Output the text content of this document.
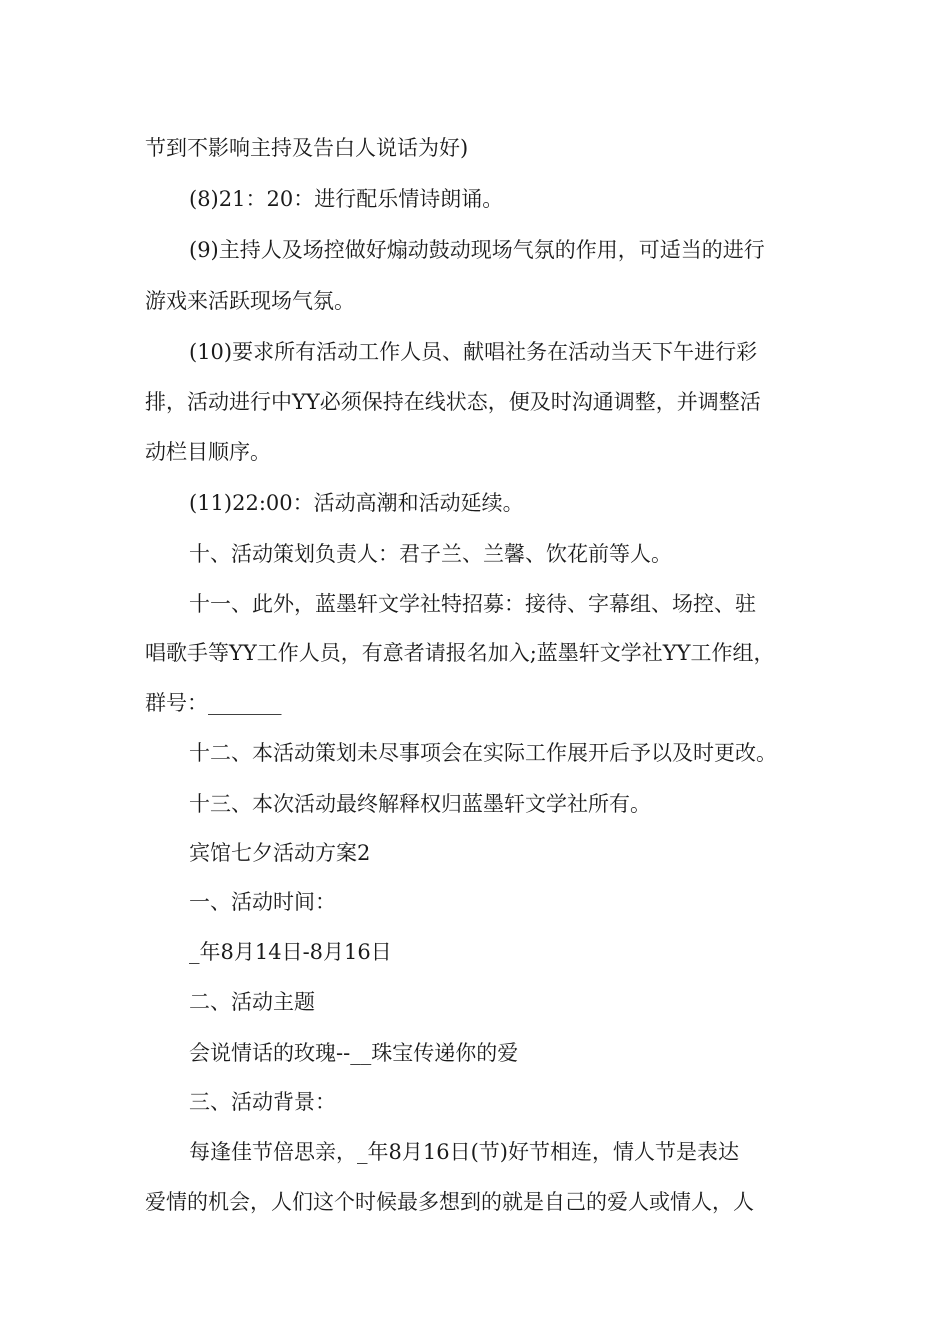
节到不影响主持及告白人说话为好)
(8)21：20：进行配乐情诗朗诵。
(9)主持人及场控做好煽动鼓动现场气氛的作用，可适当的进行
游戏来活跃现场气氛。
(10)要求所有活动工作人员、献唱社务在活动当天下午进行彩
排，活动进行中YY必须保持在线状态，便及时沟通调整，并调整活
动栏目顺序。
(11)22:00：活动高潮和活动延续。
十、活动策划负责人：君子兰、兰馨、饮花前等人。
十一、此外，蓝墨轩文学社特招募：接待、字幕组、场控、驻
唱歌手等YY工作人员，有意者请报名加入;蓝墨轩文学社YY工作组，
群号：_______
十二、本活动策划未尽事项会在实际工作展开后予以及时更改。
十三、本次活动最终解释权归蓝墨轩文学社所有。
宾馆七夕活动方案2
一、活动时间：
_年8月14日-8月16日
二、活动主题
会说情话的玫瑰--__珠宝传递你的爱
三、活动背景：
每逢佳节倍思亲，_年8月16日(节)好节相连，情人节是表达
爱情的机会，人们这个时候最多想到的就是自己的爱人或情人，人
